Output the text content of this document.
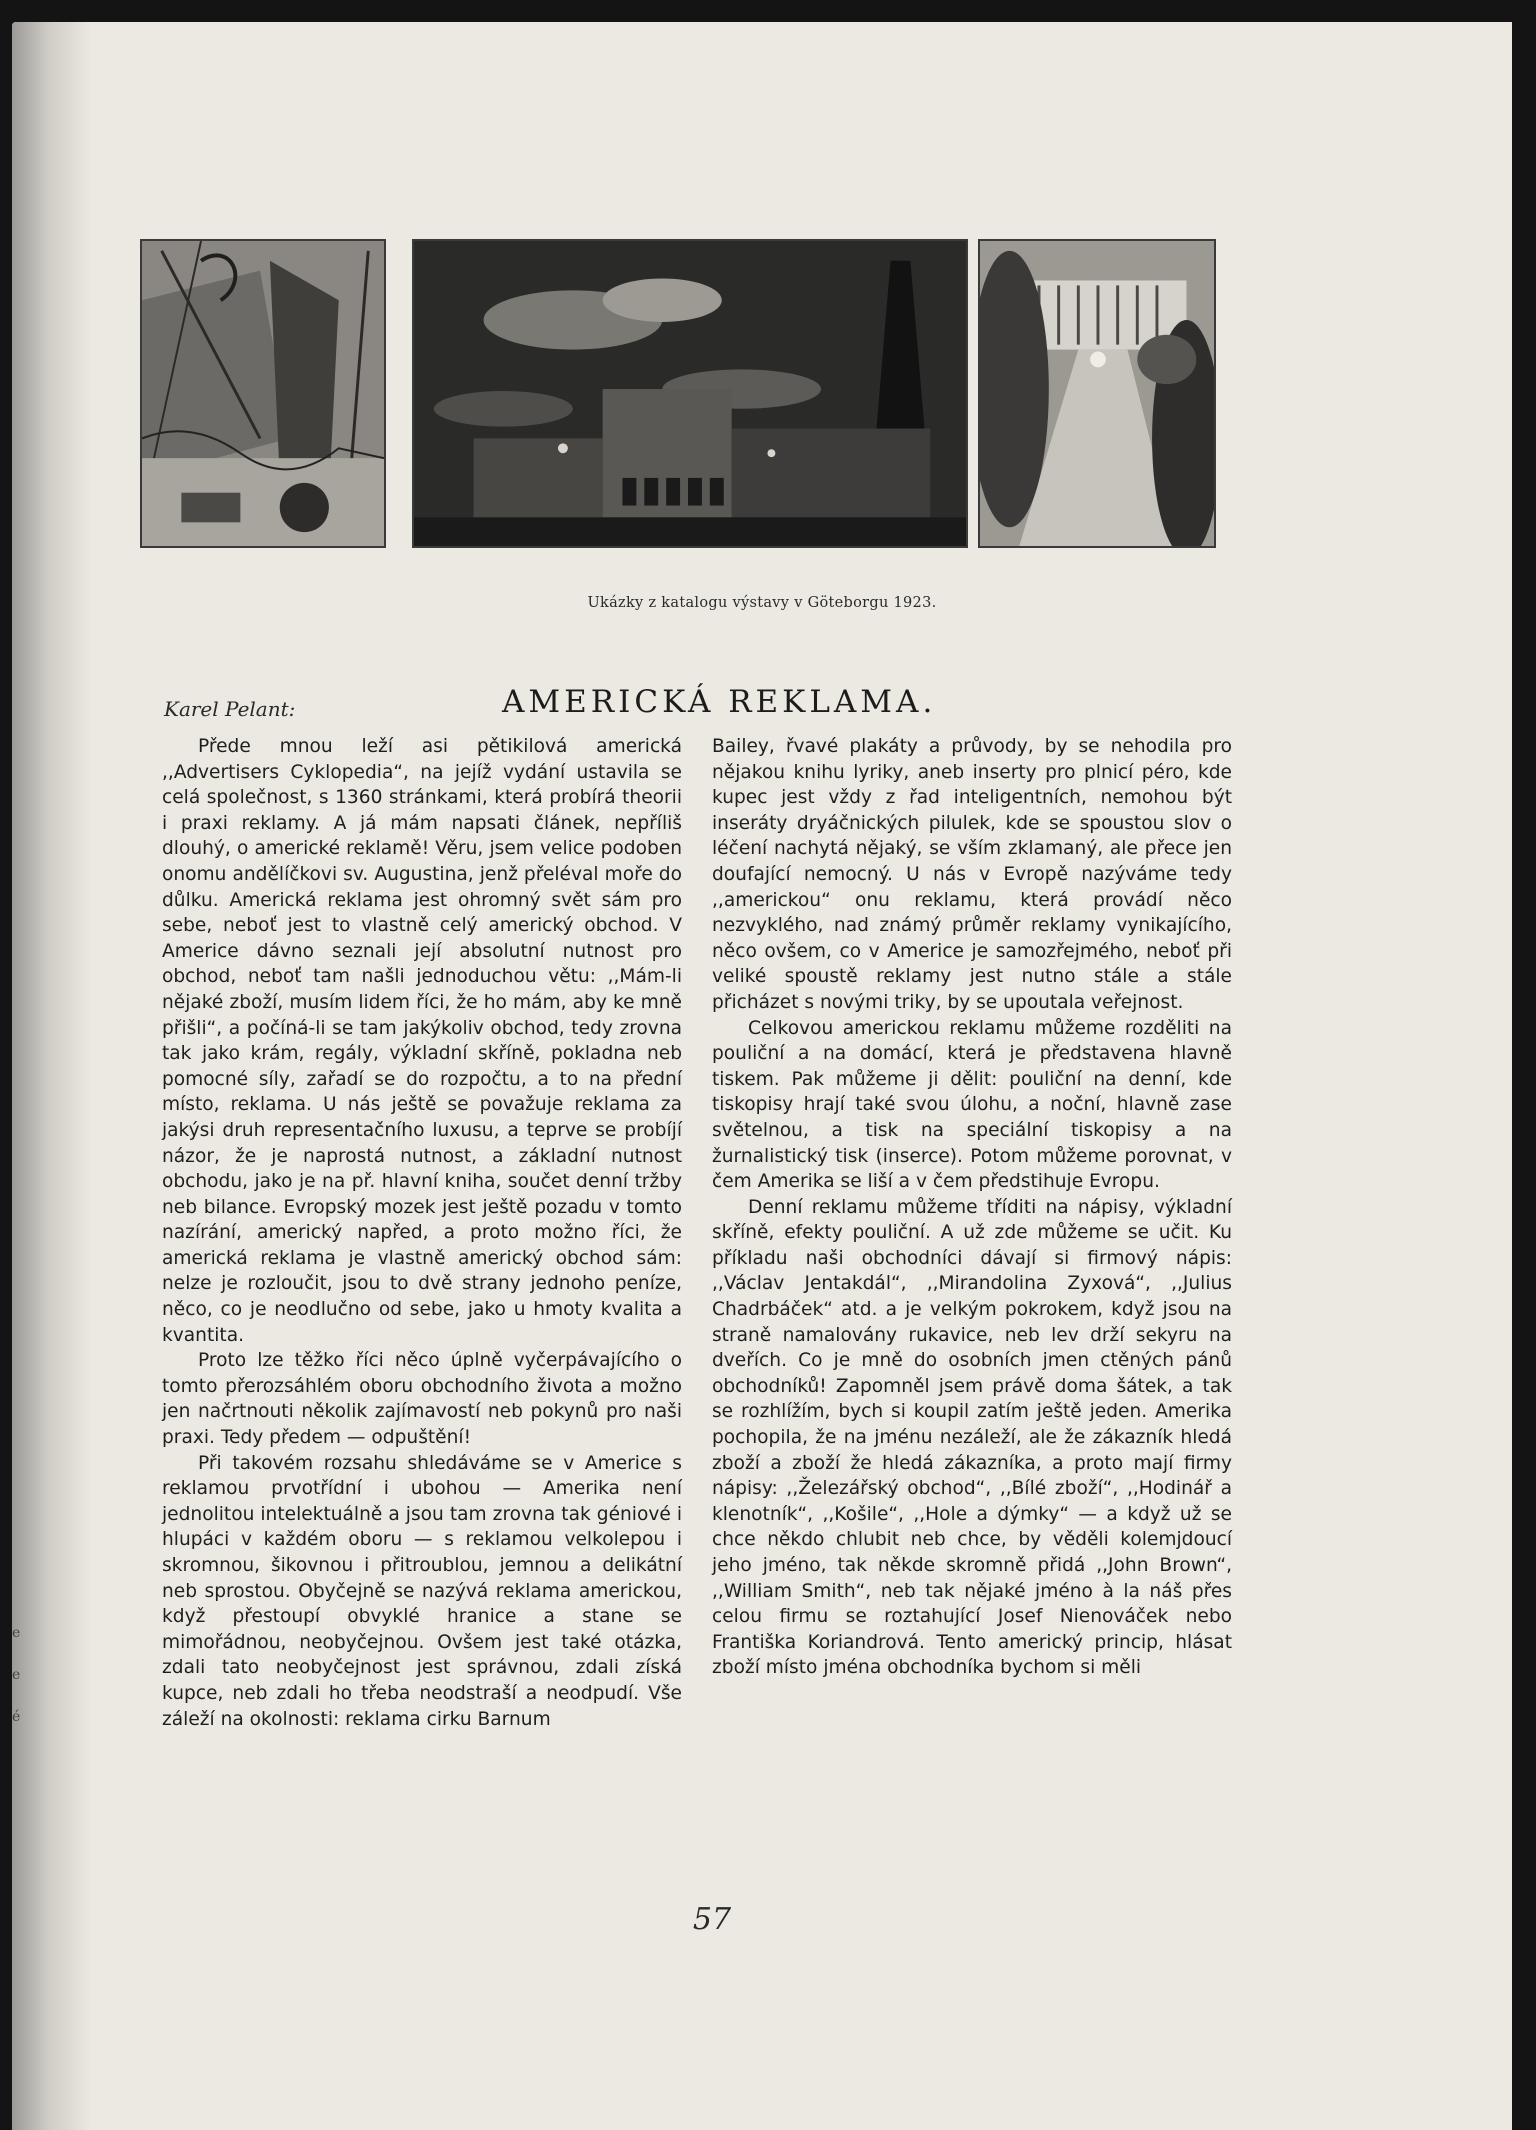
e
e
é
Ukázky z katalogu výstavy v Göteborgu 1923.
Karel Pelant:	AMERICKÁ REKLAMA.

Přede mnou leží asi pětikilová americká ,,Advertisers Cyklopedia“, na jejíž vydání ustavila se celá společnost, s 1360 stránkami, která probírá theorii i praxi reklamy. A já mám napsati článek, nepříliš dlouhý, o americké reklamě! Věru, jsem velice podoben onomu andělíčkovi sv. Augustina, jenž přeléval moře do důlku. Americká reklama jest ohromný svět sám pro sebe, neboť jest to vlastně celý americký obchod. V Americe dávno seznali její absolutní nutnost pro obchod, neboť tam našli jednoduchou větu: ,,Mám-li nějaké zboží, musím lidem říci, že ho mám, aby ke mně přišli“, a počíná-li se tam jakýkoliv obchod, tedy zrovna tak jako krám, regály, výkladní skříně, pokladna neb pomocné síly, zařadí se do rozpočtu, a to na přední místo, reklama. U nás ještě se považuje reklama za jakýsi druh representačního luxusu, a teprve se probíjí názor, že je naprostá nutnost, a základní nutnost obchodu, jako je na př. hlavní kniha, součet denní tržby neb bilance. Evropský mozek jest ještě pozadu v tomto nazírání, americký napřed, a proto možno říci, že americká reklama je vlastně americký obchod sám: nelze je rozloučit, jsou to dvě strany jednoho peníze, něco, co je neodlučno od sebe, jako u hmoty kvalita a kvantita.

Proto lze těžko říci něco úplně vyčerpávajícího o tomto přerozsáhlém oboru obchodního života a možno jen načrtnouti několik zajímavostí neb pokynů pro naši praxi. Tedy předem — odpuštění!

Při takovém rozsahu shledáváme se v Americe s reklamou prvotřídní i ubohou — Amerika není jednolitou intelektuálně a jsou tam zrovna tak géniové i hlupáci v každém oboru — s reklamou velkolepou i skromnou, šikovnou i přitroublou, jemnou a delikátní neb sprostou. Obyčejně se nazývá reklama americkou, když přestoupí obvyklé hranice a stane se mimořádnou, neobyčejnou. Ovšem jest také otázka, zdali tato neobyčejnost jest správnou, zdali získá kupce, neb zdali ho třeba neodstraší a neodpudí. Vše záleží na okolnosti: reklama cirku Barnum

Bailey, řvavé plakáty a průvody, by se nehodila pro nějakou knihu lyriky, aneb inserty pro plnicí péro, kde kupec jest vždy z řad inteligentních, nemohou být inseráty dryáčnických pilulek, kde se spoustou slov o léčení nachytá nějaký, se vším zklamaný, ale přece jen doufající nemocný. U nás v Evropě nazýváme tedy ,,americkou“ onu reklamu, která provádí něco nezvyklého, nad známý průměr reklamy vynikajícího, něco ovšem, co v Americe je samozřejmého, neboť při veliké spoustě reklamy jest nutno stále a stále přicházet s novými triky, by se upoutala veřejnost.

Celkovou americkou reklamu můžeme rozděliti na pouliční a na domácí, která je představena hlavně tiskem. Pak můžeme ji dělit: pouliční na denní, kde tiskopisy hrají také svou úlohu, a noční, hlavně zase světelnou, a tisk na speciální tiskopisy a na žurnalistický tisk (inserce). Potom můžeme porovnat, v čem Amerika se liší a v čem předstihuje Evropu.

Denní reklamu můžeme tříditi na nápisy, výkladní skříně, efekty pouliční. A už zde můžeme se učit. Ku příkladu naši obchodníci dávají si firmový nápis: ,,Václav Jentakdál“, ,,Mirandolina Zyxová“, ,,Julius Chadrbáček“ atd. a je velkým pokrokem, když jsou na straně namalovány rukavice, neb lev drží sekyru na dveřích. Co je mně do osobních jmen ctěných pánů obchodníků! Zapomněl jsem právě doma šátek, a tak se rozhlížím, bych si koupil zatím ještě jeden. Amerika pochopila, že na jménu nezáleží, ale že zákazník hledá zboží a zboží že hledá zákazníka, a proto mají firmy nápisy: ,,Železářský obchod“, ,,Bílé zboží“, ,,Hodinář a klenotník“, ,,Košile“, ,,Hole a dýmky“ — a když už se chce někdo chlubit neb chce, by věděli kolemjdoucí jeho jméno, tak někde skromně přidá ,,John Brown“, ,,William Smith“, neb tak nějaké jméno à la náš přes celou firmu se roztahující Josef Nienováček nebo Františka Koriandrová. Tento americký princip, hlásat zboží místo jména obchodníka bychom si měli

57
